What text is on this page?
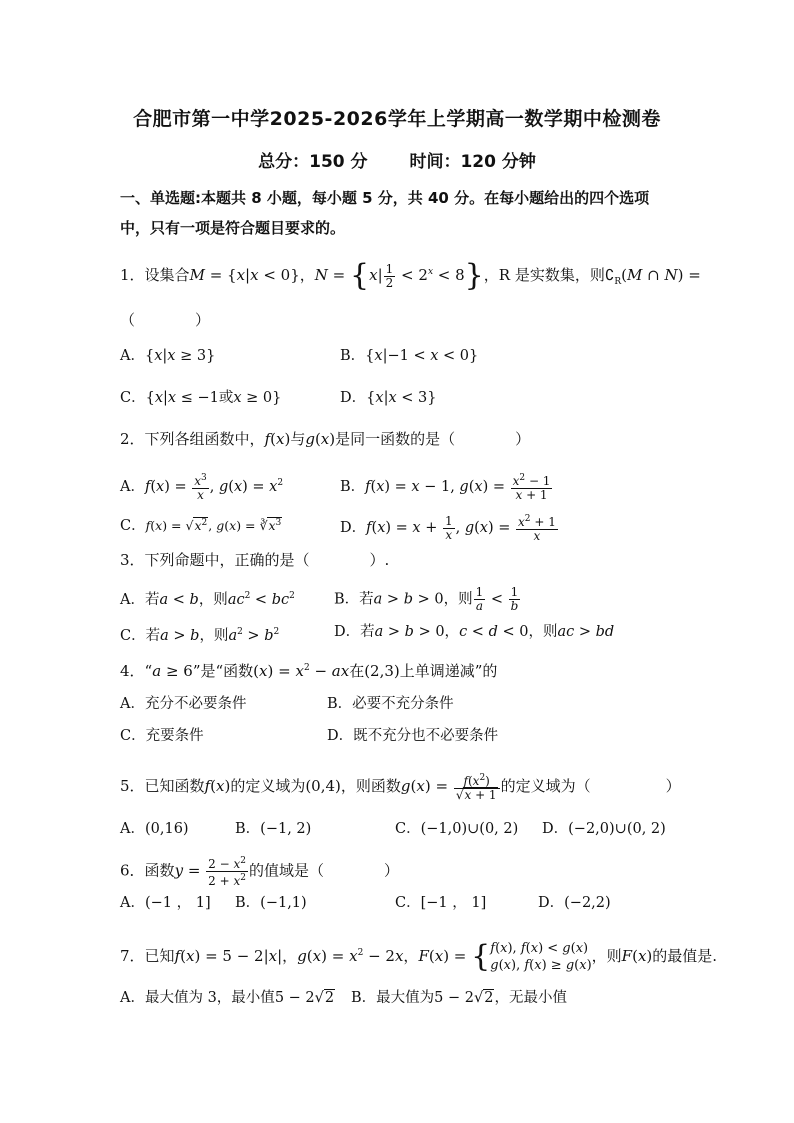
合肥市第一中学2025-2026学年上学期高一数学期中检测卷
总分：150 分 时间：120 分钟
一、单选题:本题共 8 小题，每小题 5 分，共 40 分。在每小题给出的四个选项
中，只有一项是符合题目要求的。
1．设集合M = {x|x < 0}，$N = \{x| \frac{1}{2} < 2^x < 8\}$，R 是实数集，则$∁_R(M$ ∩ N) =
（　　　　）
A．{x|x ≥ 3}	B．{x|−1 < x < 0}
C．{x|x ≤ −1或x ≥ 0}	D．{x|x < 3}
2．下列各组函数中，f(x)与g(x)是同一函数的是（　　　　）
A．$f(x) = \frac{x^3}{x}$ , $g(x) = x^2$	B．f(x) = x − 1, $g(x) = \frac{x^2 - 1}{x + 1}$
C．$f(x) = √x^2$, $g(x) = ∛x^3$	D．$f(x) = x + \frac{1}{x}$ , $g(x) = \frac{x^2 + 1}{x}$
3．下列命题中，正确的是（　　　　）.
A．若a < b，则$ac^2 < bc^2$	B．若a > b > 0，则 $\frac{1}{a} < \frac{1}{b}$
C．若a > b，则$a^2 > b^2$	D．若a > b > 0，c < d < 0，则ac > bd
4．“a ≥ 6”是“函数$(x) = x^2$ − ax在(2,3)上单调递减”的
A．充分不必要条件	B．必要不充分条件
C．充要条件	D．既不充分也不必要条件
5．已知函数f(x)的定义域为(0,4)，则函数$g(x) = \frac{f(x^2)}{√x + 1}$ 的定义域为（　　　　　）
A．(0,16)	B．(−1, 2)	C．(−1,0)∪(0, 2) D．(−2,0)∪(0, 2)
6．函数$y = \frac{2 - x^2}{2 + x^2}$ 的值域是（　　　　）
A．(−1 ， 1] B．(−1,1)	C．[−1 ， 1]	D．(−2,2)
7．已知f(x) = 5 − 2|x|，$g(x) = x^2 - 2x$，F(x) = { f(x), f(x) < g(x)
g(x), f(x) ≥ g(x)
，则F(x)的最值是.
A．最大值为 3，最小值5 − 2√2 B．最大值为5 − 2√2，无最小值
